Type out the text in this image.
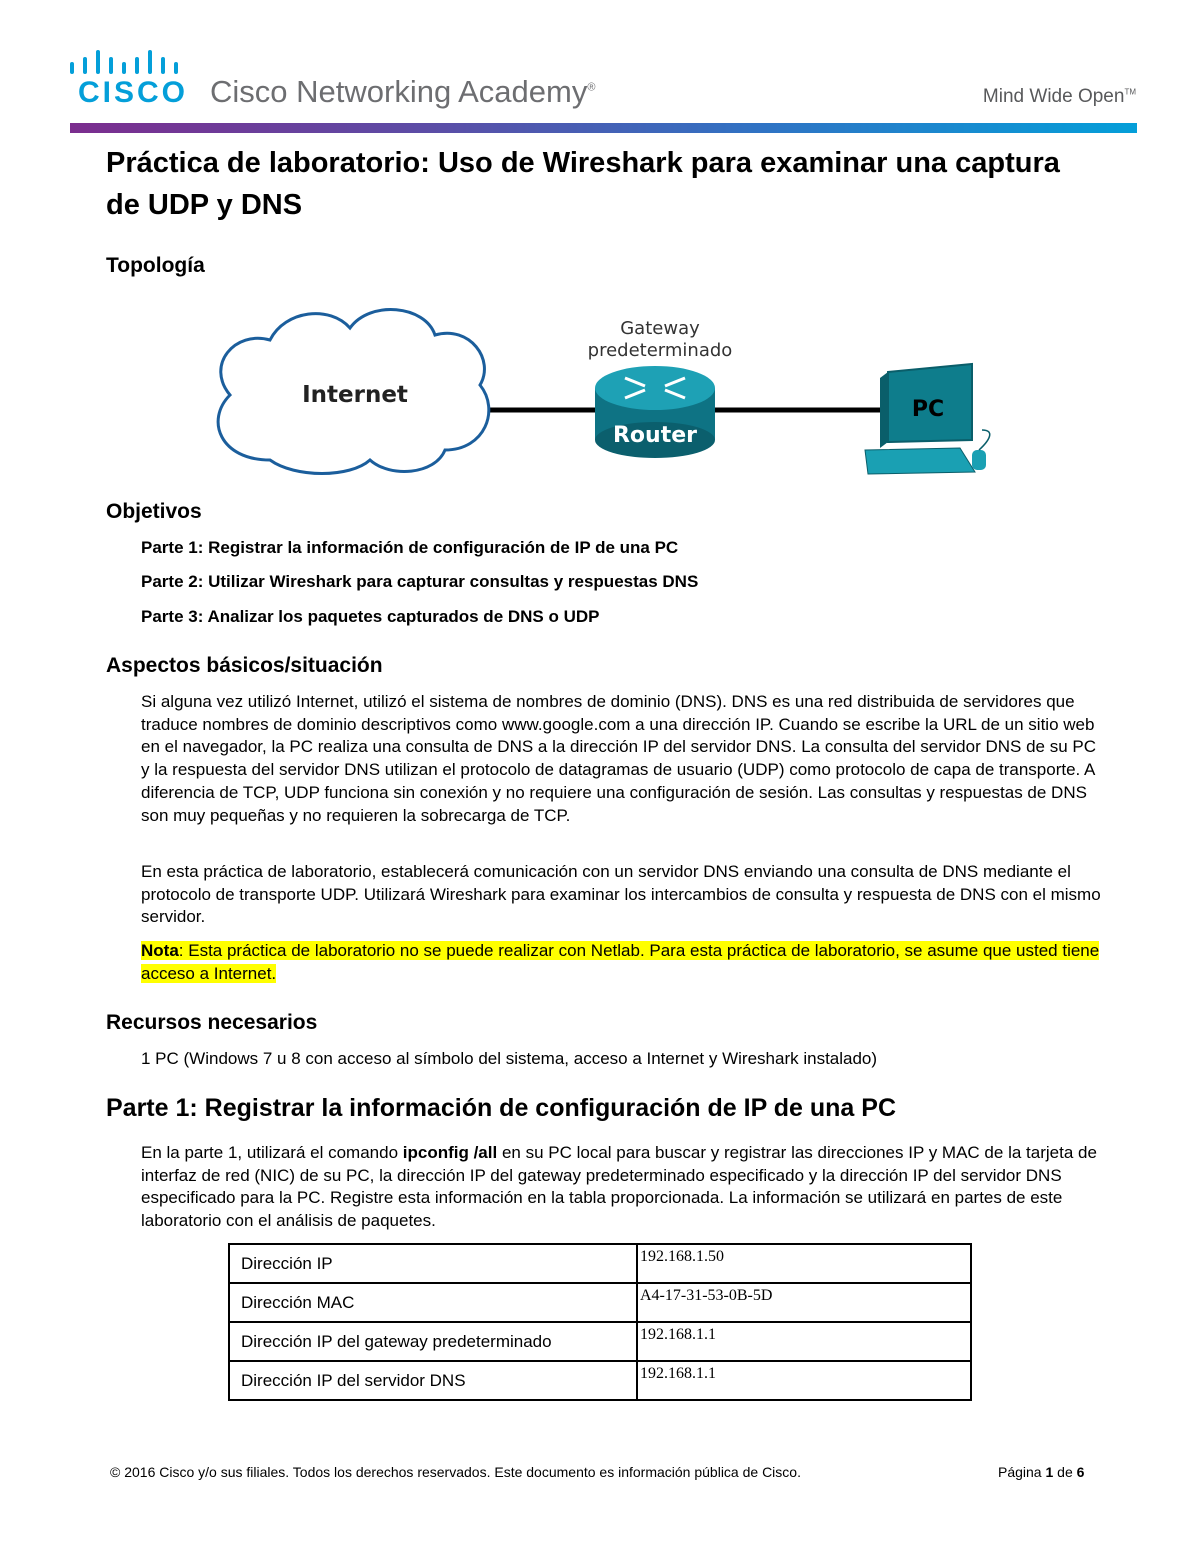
CISCO Cisco Networking Academy®	Mind Wide Open™
Práctica de laboratorio: Uso de Wireshark para examinar una captura de UDP y DNS
Topología
Internet
Gateway
predeterminado
Router
PC
Objetivos
Parte 1: Registrar la información de configuración de IP de una PC
Parte 2: Utilizar Wireshark para capturar consultas y respuestas DNS
Parte 3: Analizar los paquetes capturados de DNS o UDP
Aspectos básicos/situación

Si alguna vez utilizó Internet, utilizó el sistema de nombres de dominio (DNS). DNS es una red distribuida de servidores que traduce nombres de dominio descriptivos como www.google.com a una dirección IP. Cuando se escribe la URL de un sitio web en el navegador, la PC realiza una consulta de DNS a la dirección IP del servidor DNS. La consulta del servidor DNS de su PC y la respuesta del servidor DNS utilizan el protocolo de datagramas de usuario (UDP) como protocolo de capa de transporte. A diferencia de TCP, UDP funciona sin conexión y no requiere una configuración de sesión. Las consultas y respuestas de DNS son muy pequeñas y no requieren la sobrecarga de TCP.

En esta práctica de laboratorio, establecerá comunicación con un servidor DNS enviando una consulta de DNS mediante el protocolo de transporte UDP. Utilizará Wireshark para examinar los intercambios de consulta y respuesta de DNS con el mismo servidor.

Nota: Esta práctica de laboratorio no se puede realizar con Netlab. Para esta práctica de laboratorio, se asume que usted tiene acceso a Internet.

Recursos necesarios

1 PC (Windows 7 u 8 con acceso al símbolo del sistema, acceso a Internet y Wireshark instalado)

Parte 1: Registrar la información de configuración de IP de una PC

En la parte 1, utilizará el comando ipconfig /all en su PC local para buscar y registrar las direcciones IP y MAC de la tarjeta de interfaz de red (NIC) de su PC, la dirección IP del gateway predeterminado especificado y la dirección IP del servidor DNS especificado para la PC. Registre esta información en la tabla proporcionada. La información se utilizará en partes de este laboratorio con el análisis de paquetes.

Dirección IP	192.168.1.50
Dirección MAC	A4-17-31-53-0B-5D
Dirección IP del gateway predeterminado	192.168.1.1
Dirección IP del servidor DNS	192.168.1.1
© 2016 Cisco y/o sus filiales. Todos los derechos reservados. Este documento es información pública de Cisco.	Página 1 de 6
